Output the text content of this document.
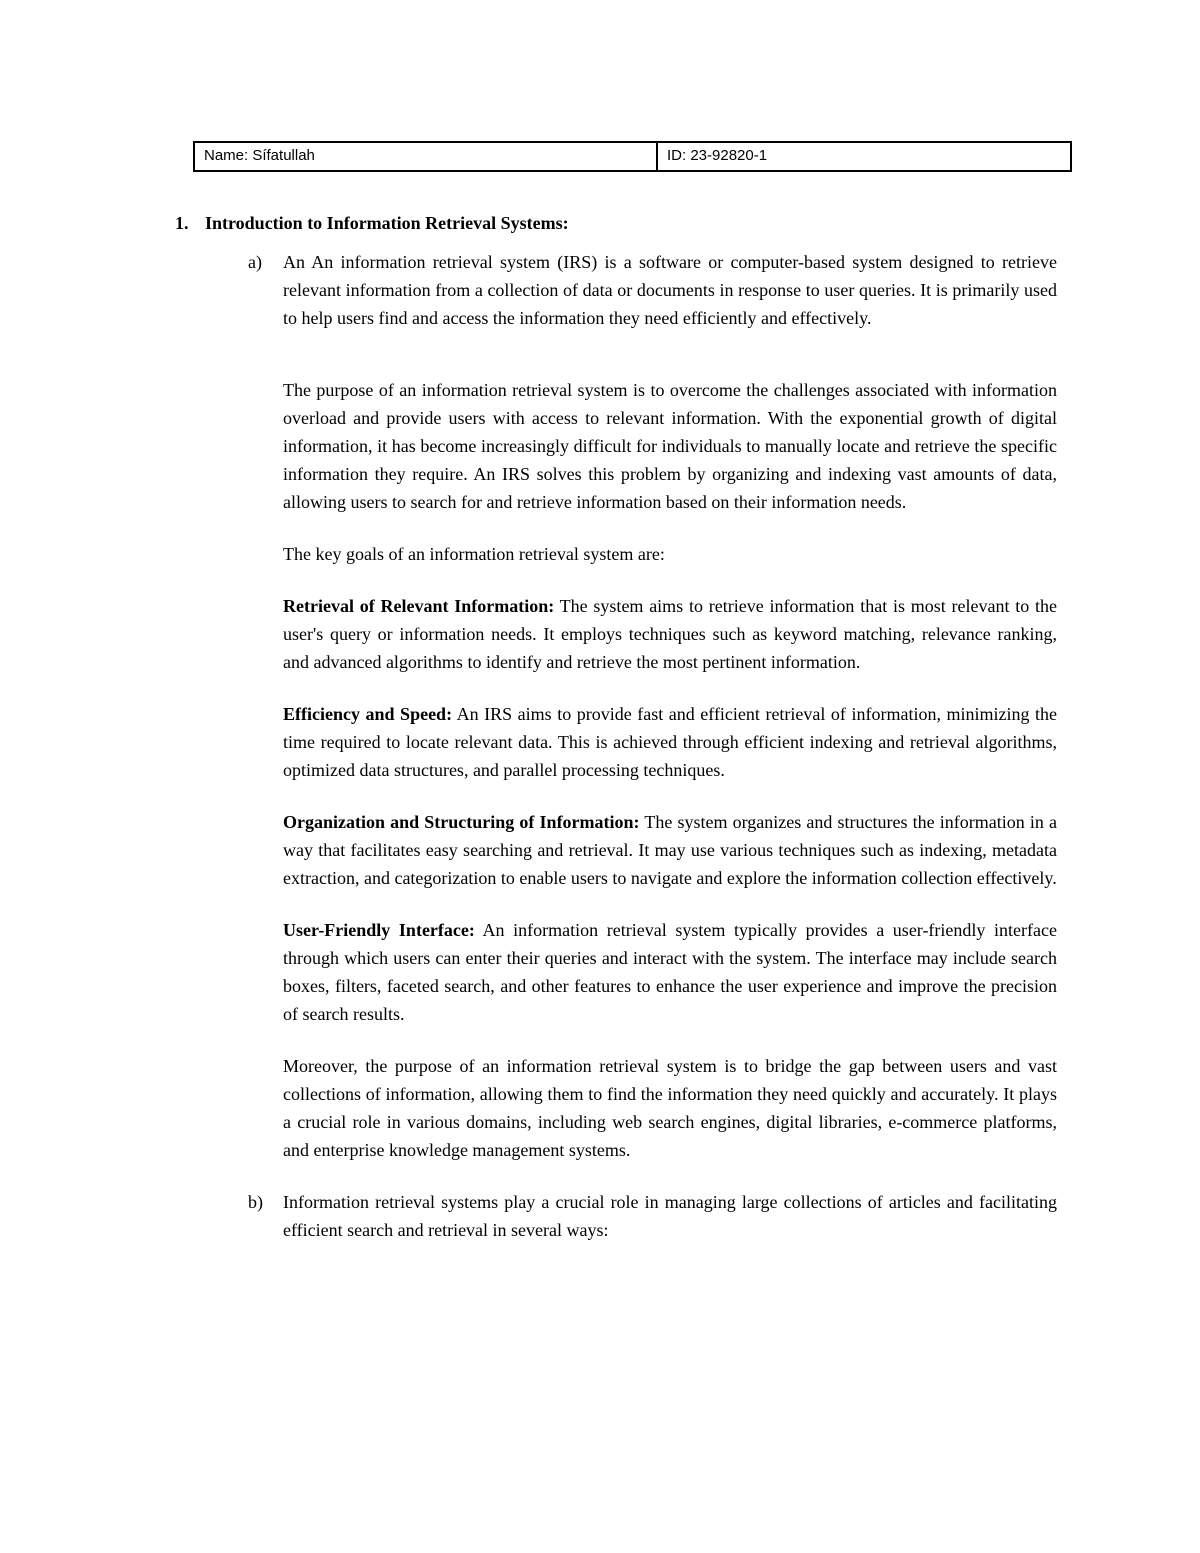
Name: Sífatullah	ID: 23-92820-1
1. Introduction to Information Retrieval Systems:
a)	An An information retrieval system (IRS) is a software or computer-based system designed to retrieve relevant information from a collection of data or documents in response to user queries. It is primarily used to help users find and access the information they need efficiently and effectively.

The purpose of an information retrieval system is to overcome the challenges associated with information overload and provide users with access to relevant information. With the exponential growth of digital information, it has become increasingly difficult for individuals to manually locate and retrieve the specific information they require. An IRS solves this problem by organizing and indexing vast amounts of data, allowing users to search for and retrieve information based on their information needs.

The key goals of an information retrieval system are:

Retrieval of Relevant Information: The system aims to retrieve information that is most relevant to the user's query or information needs. It employs techniques such as keyword matching, relevance ranking, and advanced algorithms to identify and retrieve the most pertinent information.

Efficiency and Speed: An IRS aims to provide fast and efficient retrieval of information, minimizing the time required to locate relevant data. This is achieved through efficient indexing and retrieval algorithms, optimized data structures, and parallel processing techniques.

Organization and Structuring of Information: The system organizes and structures the information in a way that facilitates easy searching and retrieval. It may use various techniques such as indexing, metadata extraction, and categorization to enable users to navigate and explore the information collection effectively.

User-Friendly Interface: An information retrieval system typically provides a user-friendly interface through which users can enter their queries and interact with the system. The interface may include search boxes, filters, faceted search, and other features to enhance the user experience and improve the precision of search results.

Moreover, the purpose of an information retrieval system is to bridge the gap between users and vast collections of information, allowing them to find the information they need quickly and accurately. It plays a crucial role in various domains, including web search engines, digital libraries, e-commerce platforms, and enterprise knowledge management systems.

b)	Information retrieval systems play a crucial role in managing large collections of articles and facilitating efficient search and retrieval in several ways:
